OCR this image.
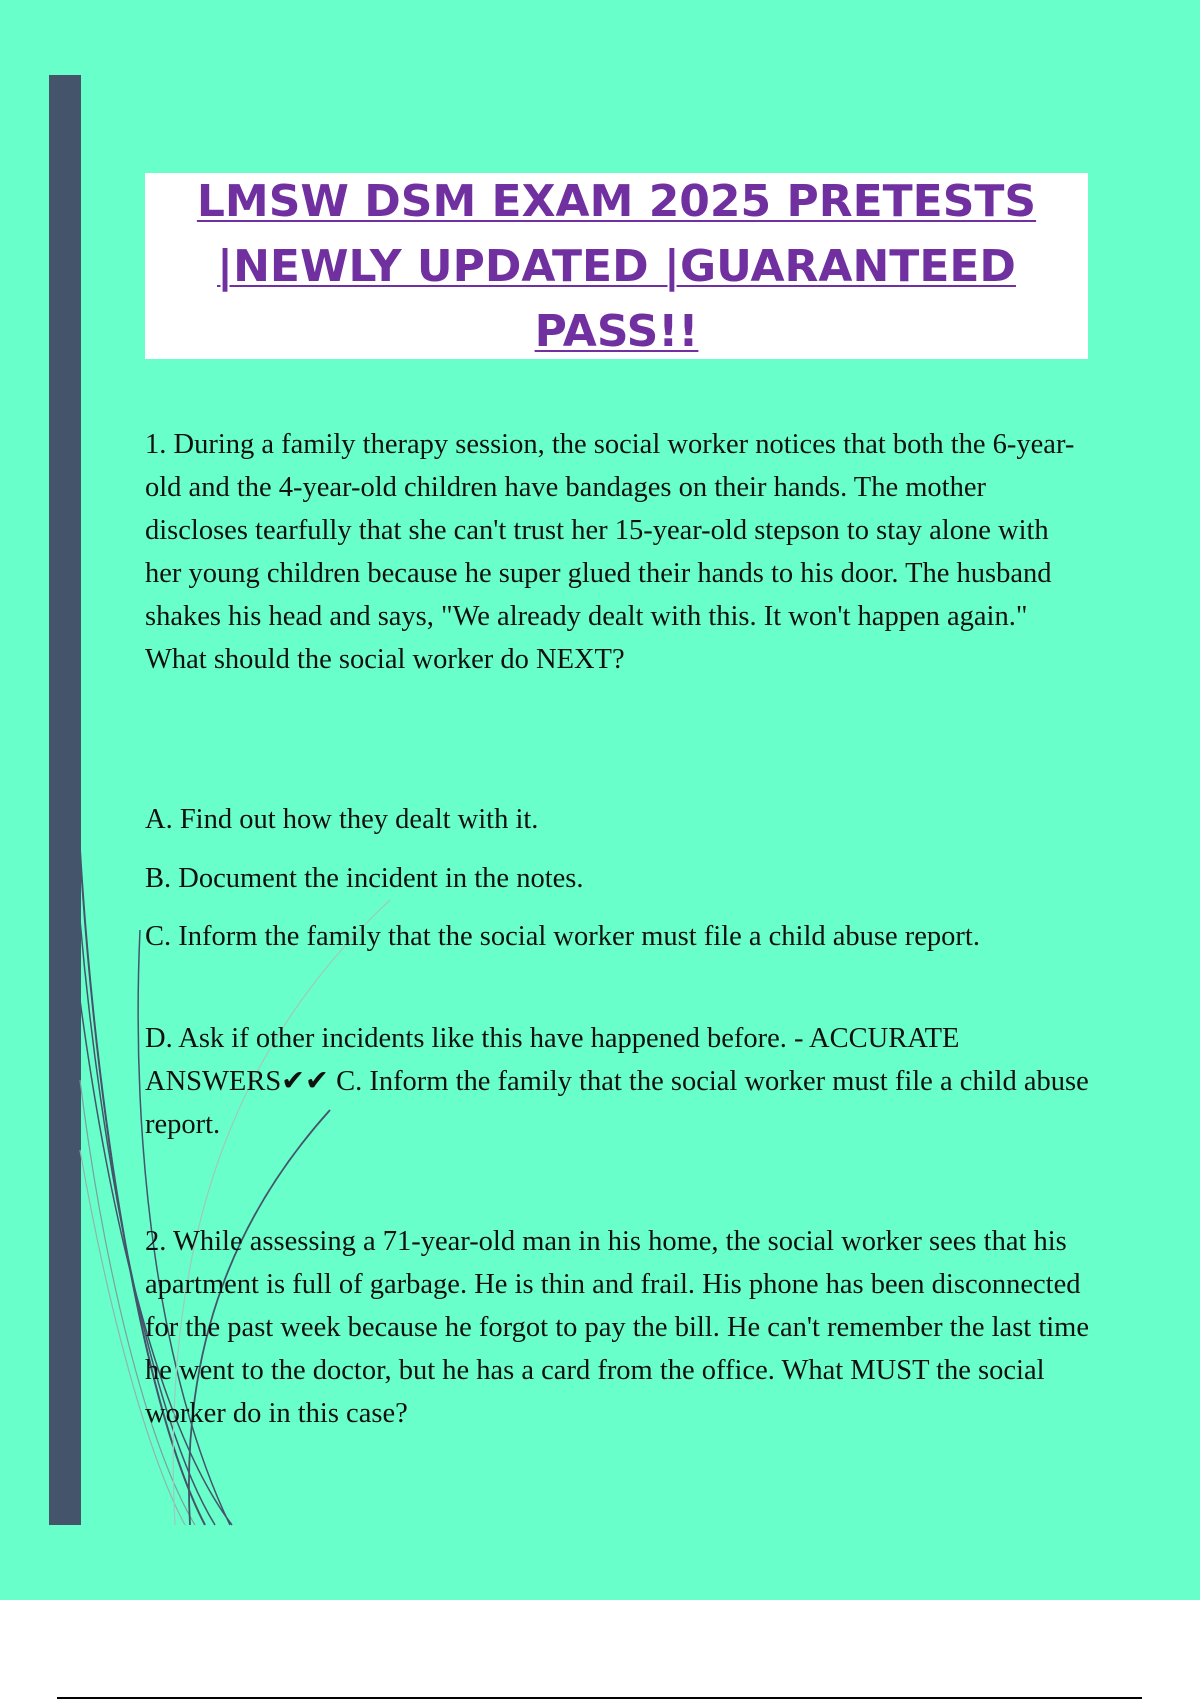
LMSW DSM EXAM 2025 PRETESTS |NEWLY UPDATED |GUARANTEED PASS!!

1. During a family therapy session, the social worker notices that both the 6-year-old and the 4-year-old children have bandages on their hands. The mother discloses tearfully that she can't trust her 15-year-old stepson to stay alone with her young children because he super glued their hands to his door. The husband shakes his head and says, "We already dealt with this. It won't happen again." What should the social worker do NEXT?

A. Find out how they dealt with it.

B. Document the incident in the notes.

C. Inform the family that the social worker must file a child abuse report.

D. Ask if other incidents like this have happened before. - ACCURATE ANSWERS✔✔ C. Inform the family that the social worker must file a child abuse report.

2. While assessing a 71-year-old man in his home, the social worker sees that his apartment is full of garbage. He is thin and frail. His phone has been disconnected for the past week because he forgot to pay the bill. He can't remember the last time he went to the doctor, but he has a card from the office. What MUST the social worker do in this case?
